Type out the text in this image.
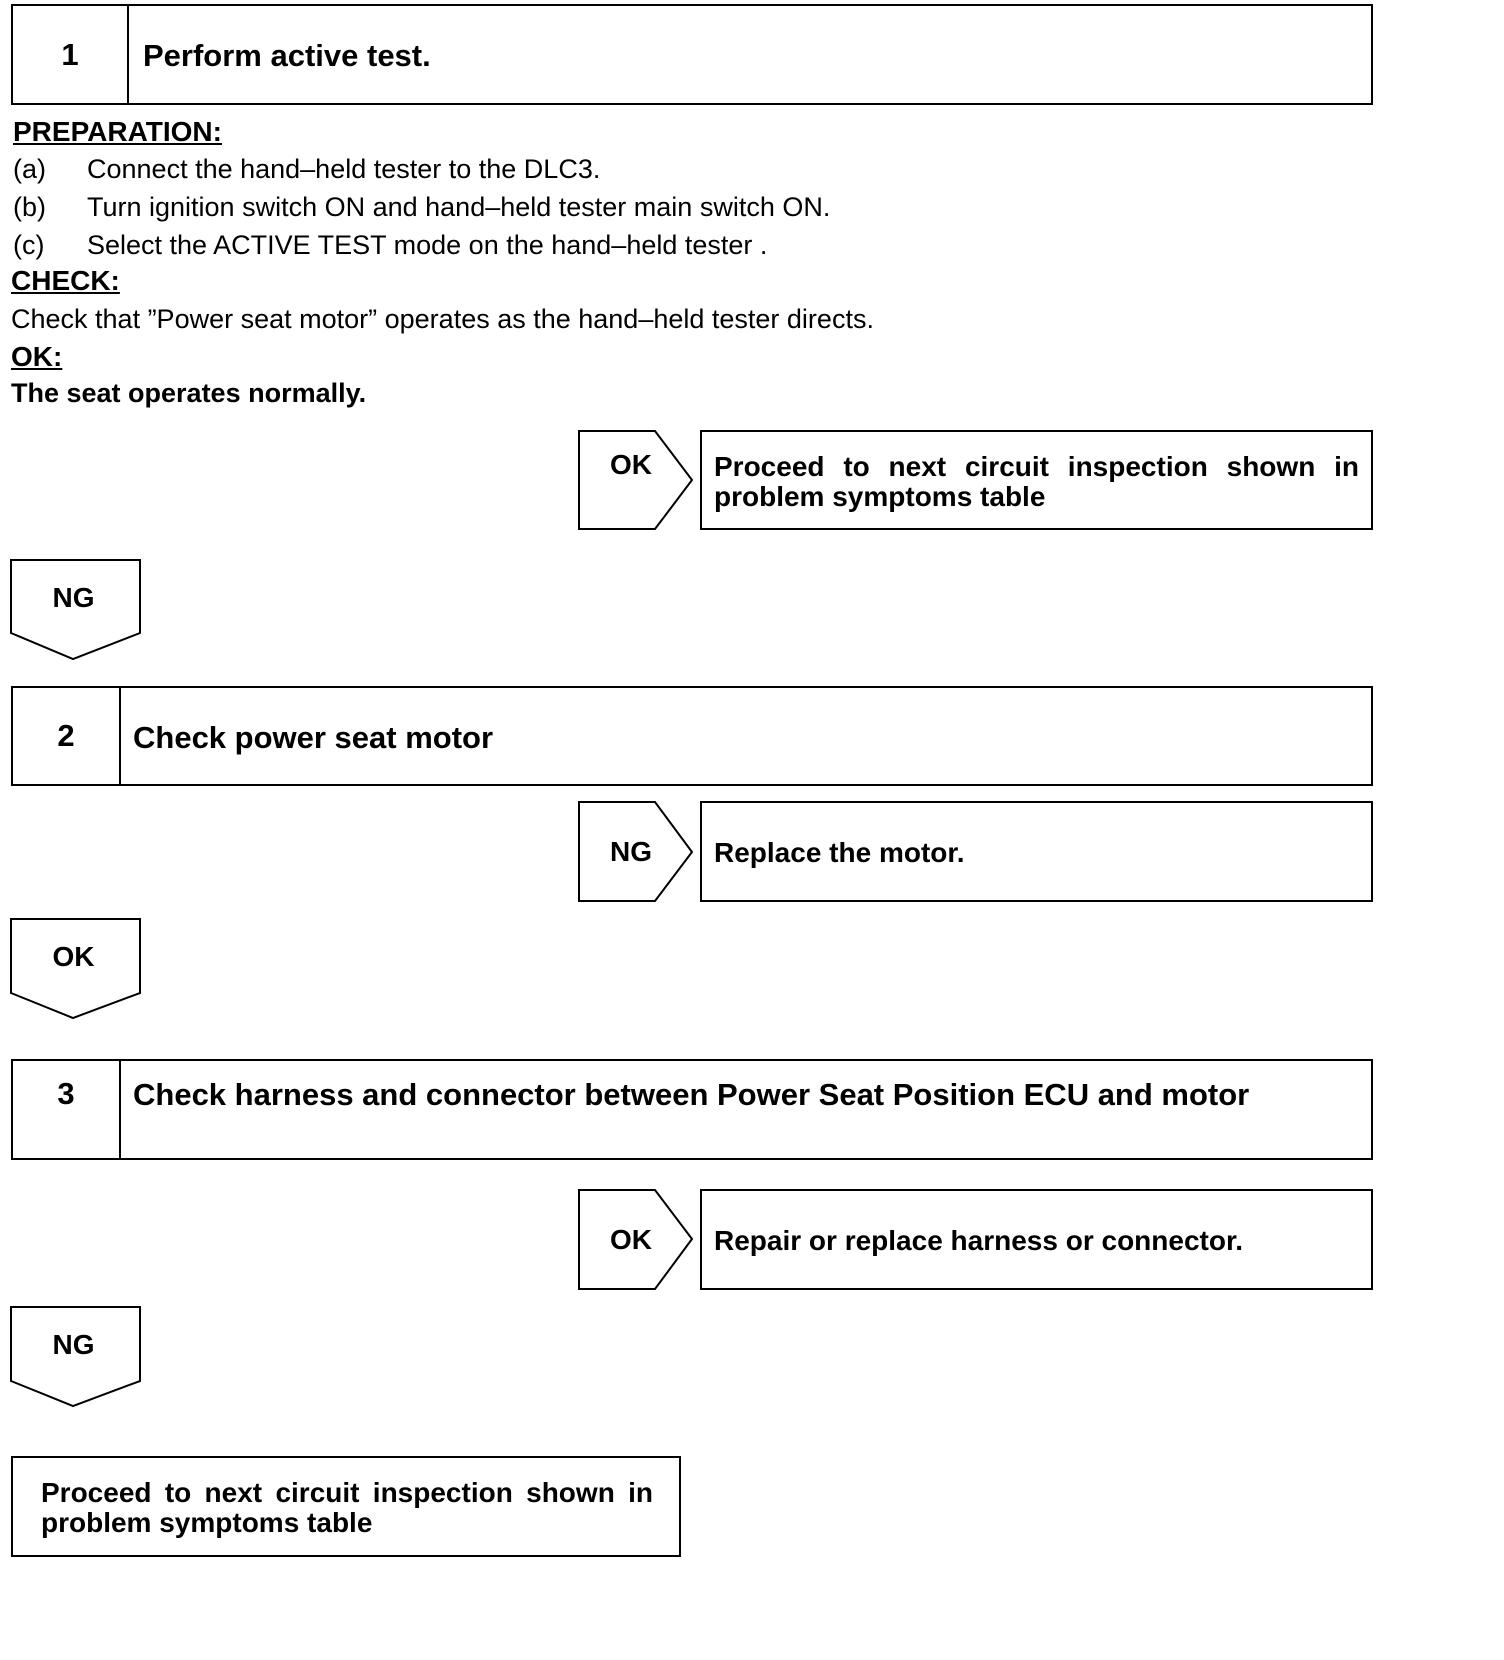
1	Perform active test.
PREPARATION:
(a) Connect the hand–held tester to the DLC3.
(b) Turn ignition switch ON and hand–held tester main switch ON.
(c) Select the ACTIVE TEST mode on the hand–held tester .
CHECK:
Check that ”Power seat motor” operates as the hand–held tester directs.
OK:
The seat operates normally.
OK	Proceed to next circuit inspection shown in problem symptoms table
NG
2	Check power seat motor
NG	Replace the motor.
OK
3	Check harness and connector between Power Seat Position ECU and motor
OK	Repair or replace harness or connector.
NG
Proceed to next circuit inspection shown in problem symptoms table
